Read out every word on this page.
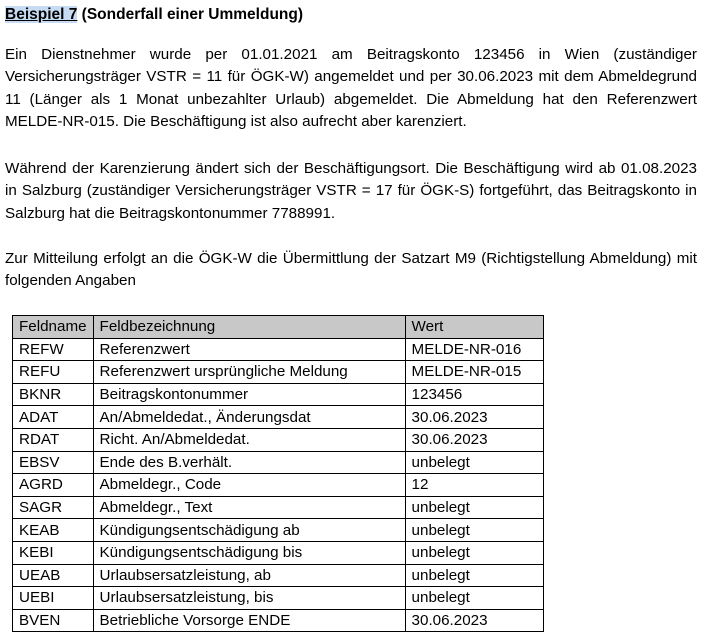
Beispiel 7 (Sonderfall einer Ummeldung)
Ein Dienstnehmer wurde per 01.01.2021 am Beitragskonto 123456 in Wien (zuständiger Versicherungsträger VSTR = 11 für ÖGK-W) angemeldet und per 30.06.2023 mit dem Abmeldegrund 11 (Länger als 1 Monat unbezahlter Urlaub) abgemeldet. Die Abmeldung hat den Referenzwert MELDE-NR-015. Die Beschäftigung ist also aufrecht aber karenziert.
Während der Karenzierung ändert sich der Beschäftigungsort. Die Beschäftigung wird ab 01.08.2023 in Salzburg (zuständiger Versicherungsträger VSTR = 17 für ÖGK-S) fortgeführt, das Beitragskonto in Salzburg hat die Beitragskontonummer 7788991.
Zur Mitteilung erfolgt an die ÖGK-W die Übermittlung der Satzart M9 (Richtigstellung Abmeldung) mit folgenden Angaben
Feldname	Feldbezeichnung	Wert
REFW	Referenzwert	MELDE-NR-016
REFU	Referenzwert ursprüngliche Meldung	MELDE-NR-015
BKNR	Beitragskontonummer	123456
ADAT	An/Abmeldedat., Änderungsdat	30.06.2023
RDAT	Richt. An/Abmeldedat.	30.06.2023
EBSV	Ende des B.verhält.	unbelegt
AGRD	Abmeldegr., Code	12
SAGR	Abmeldegr., Text	unbelegt
KEAB	Kündigungsentschädigung ab	unbelegt
KEBI	Kündigungsentschädigung bis	unbelegt
UEAB	Urlaubsersatzleistung, ab	unbelegt
UEBI	Urlaubsersatzleistung, bis	unbelegt
BVEN	Betriebliche Vorsorge ENDE	30.06.2023
